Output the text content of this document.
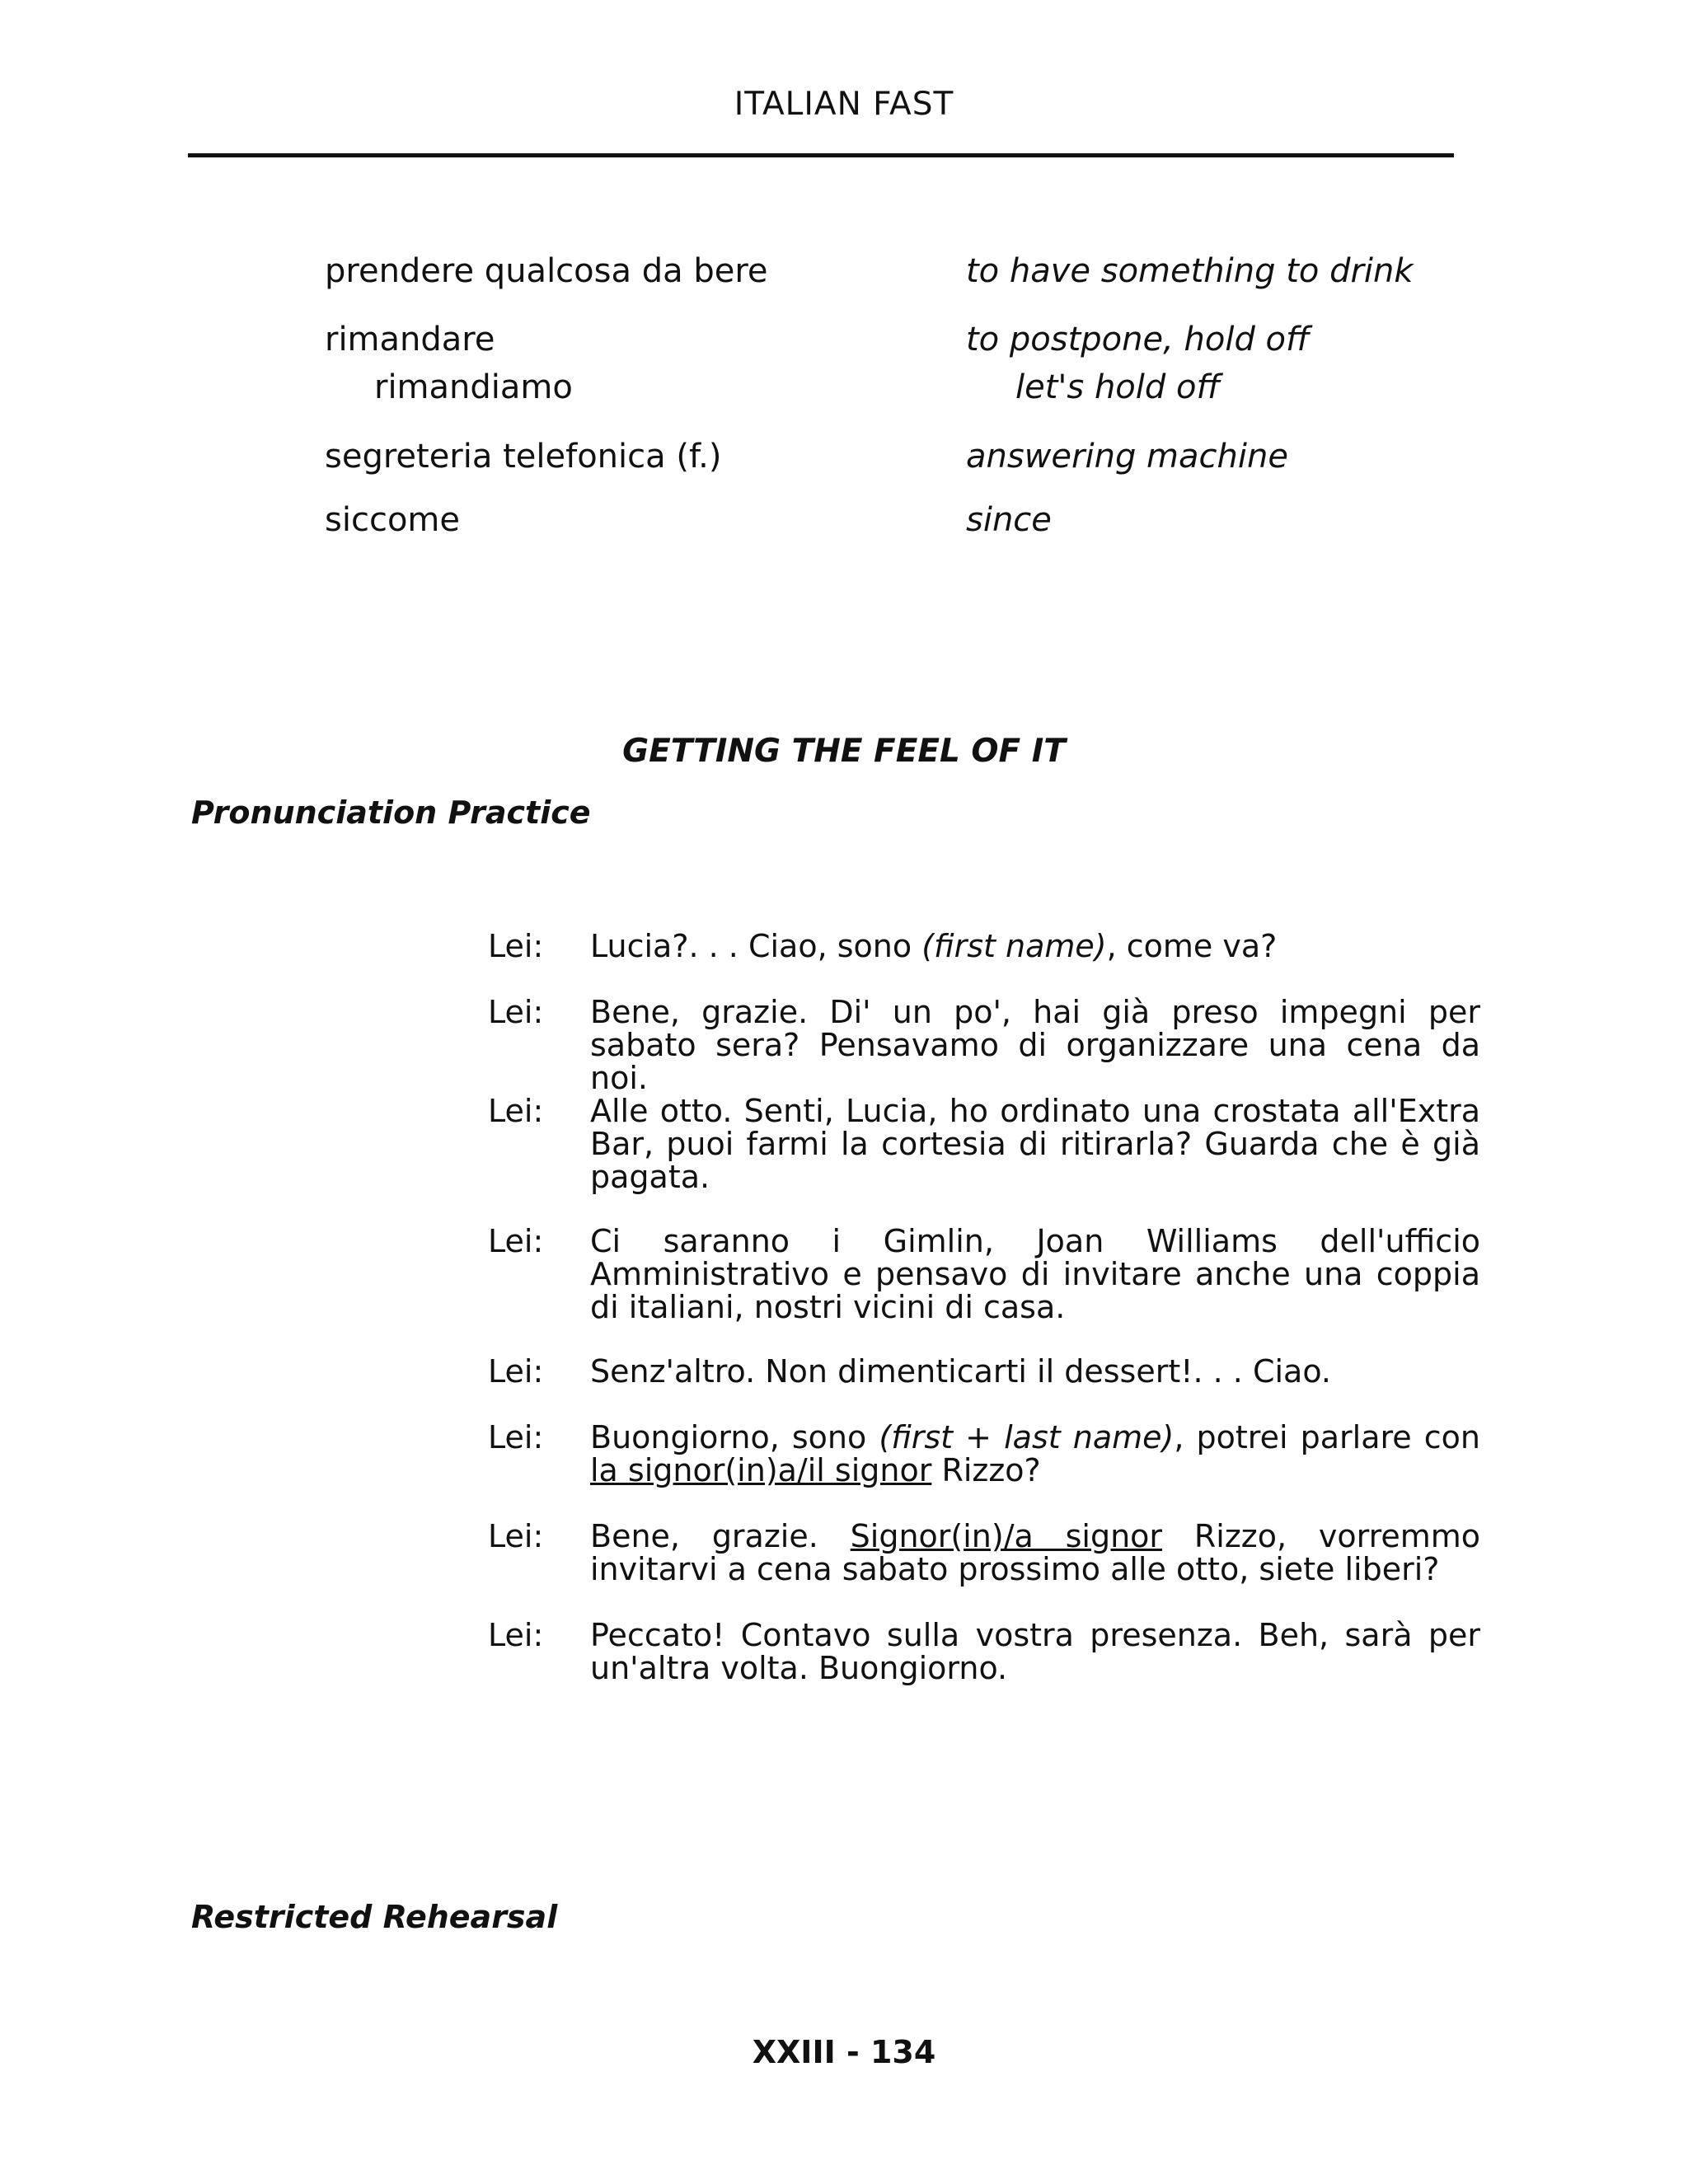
ITALIAN FAST
prendere qualcosa da bere	to have something to drink
rimandare	to postpone, hold off
rimandiamo	let's hold off
segreteria telefonica (f.)	answering machine
siccome	since
GETTING THE FEEL OF IT
Pronunciation Practice
Lei: Lucia?. . . Ciao, sono (first name), come va?
Lei: Bene, grazie. Di' un po', hai già preso impegni per sabato sera? Pensavamo di organizzare una cena da noi.
Lei: Alle otto. Senti, Lucia, ho ordinato una crostata all'Extra Bar, puoi farmi la cortesia di ritirarla? Guarda che è già pagata.
Lei: Ci saranno i Gimlin, Joan Williams dell'ufficio Amministrativo e pensavo di invitare anche una coppia di italiani, nostri vicini di casa.
Lei: Senz'altro. Non dimenticarti il dessert!. . . Ciao.
Lei: Buongiorno, sono (first + last name), potrei parlare con la signor(in)a/il signor Rizzo?
Lei: Bene, grazie. Signor(in)/a signor Rizzo, vorremmo invitarvi a cena sabato prossimo alle otto, siete liberi?
Lei: Peccato! Contavo sulla vostra presenza. Beh, sarà per un'altra volta. Buongiorno.
Restricted Rehearsal
XXIII - 134
